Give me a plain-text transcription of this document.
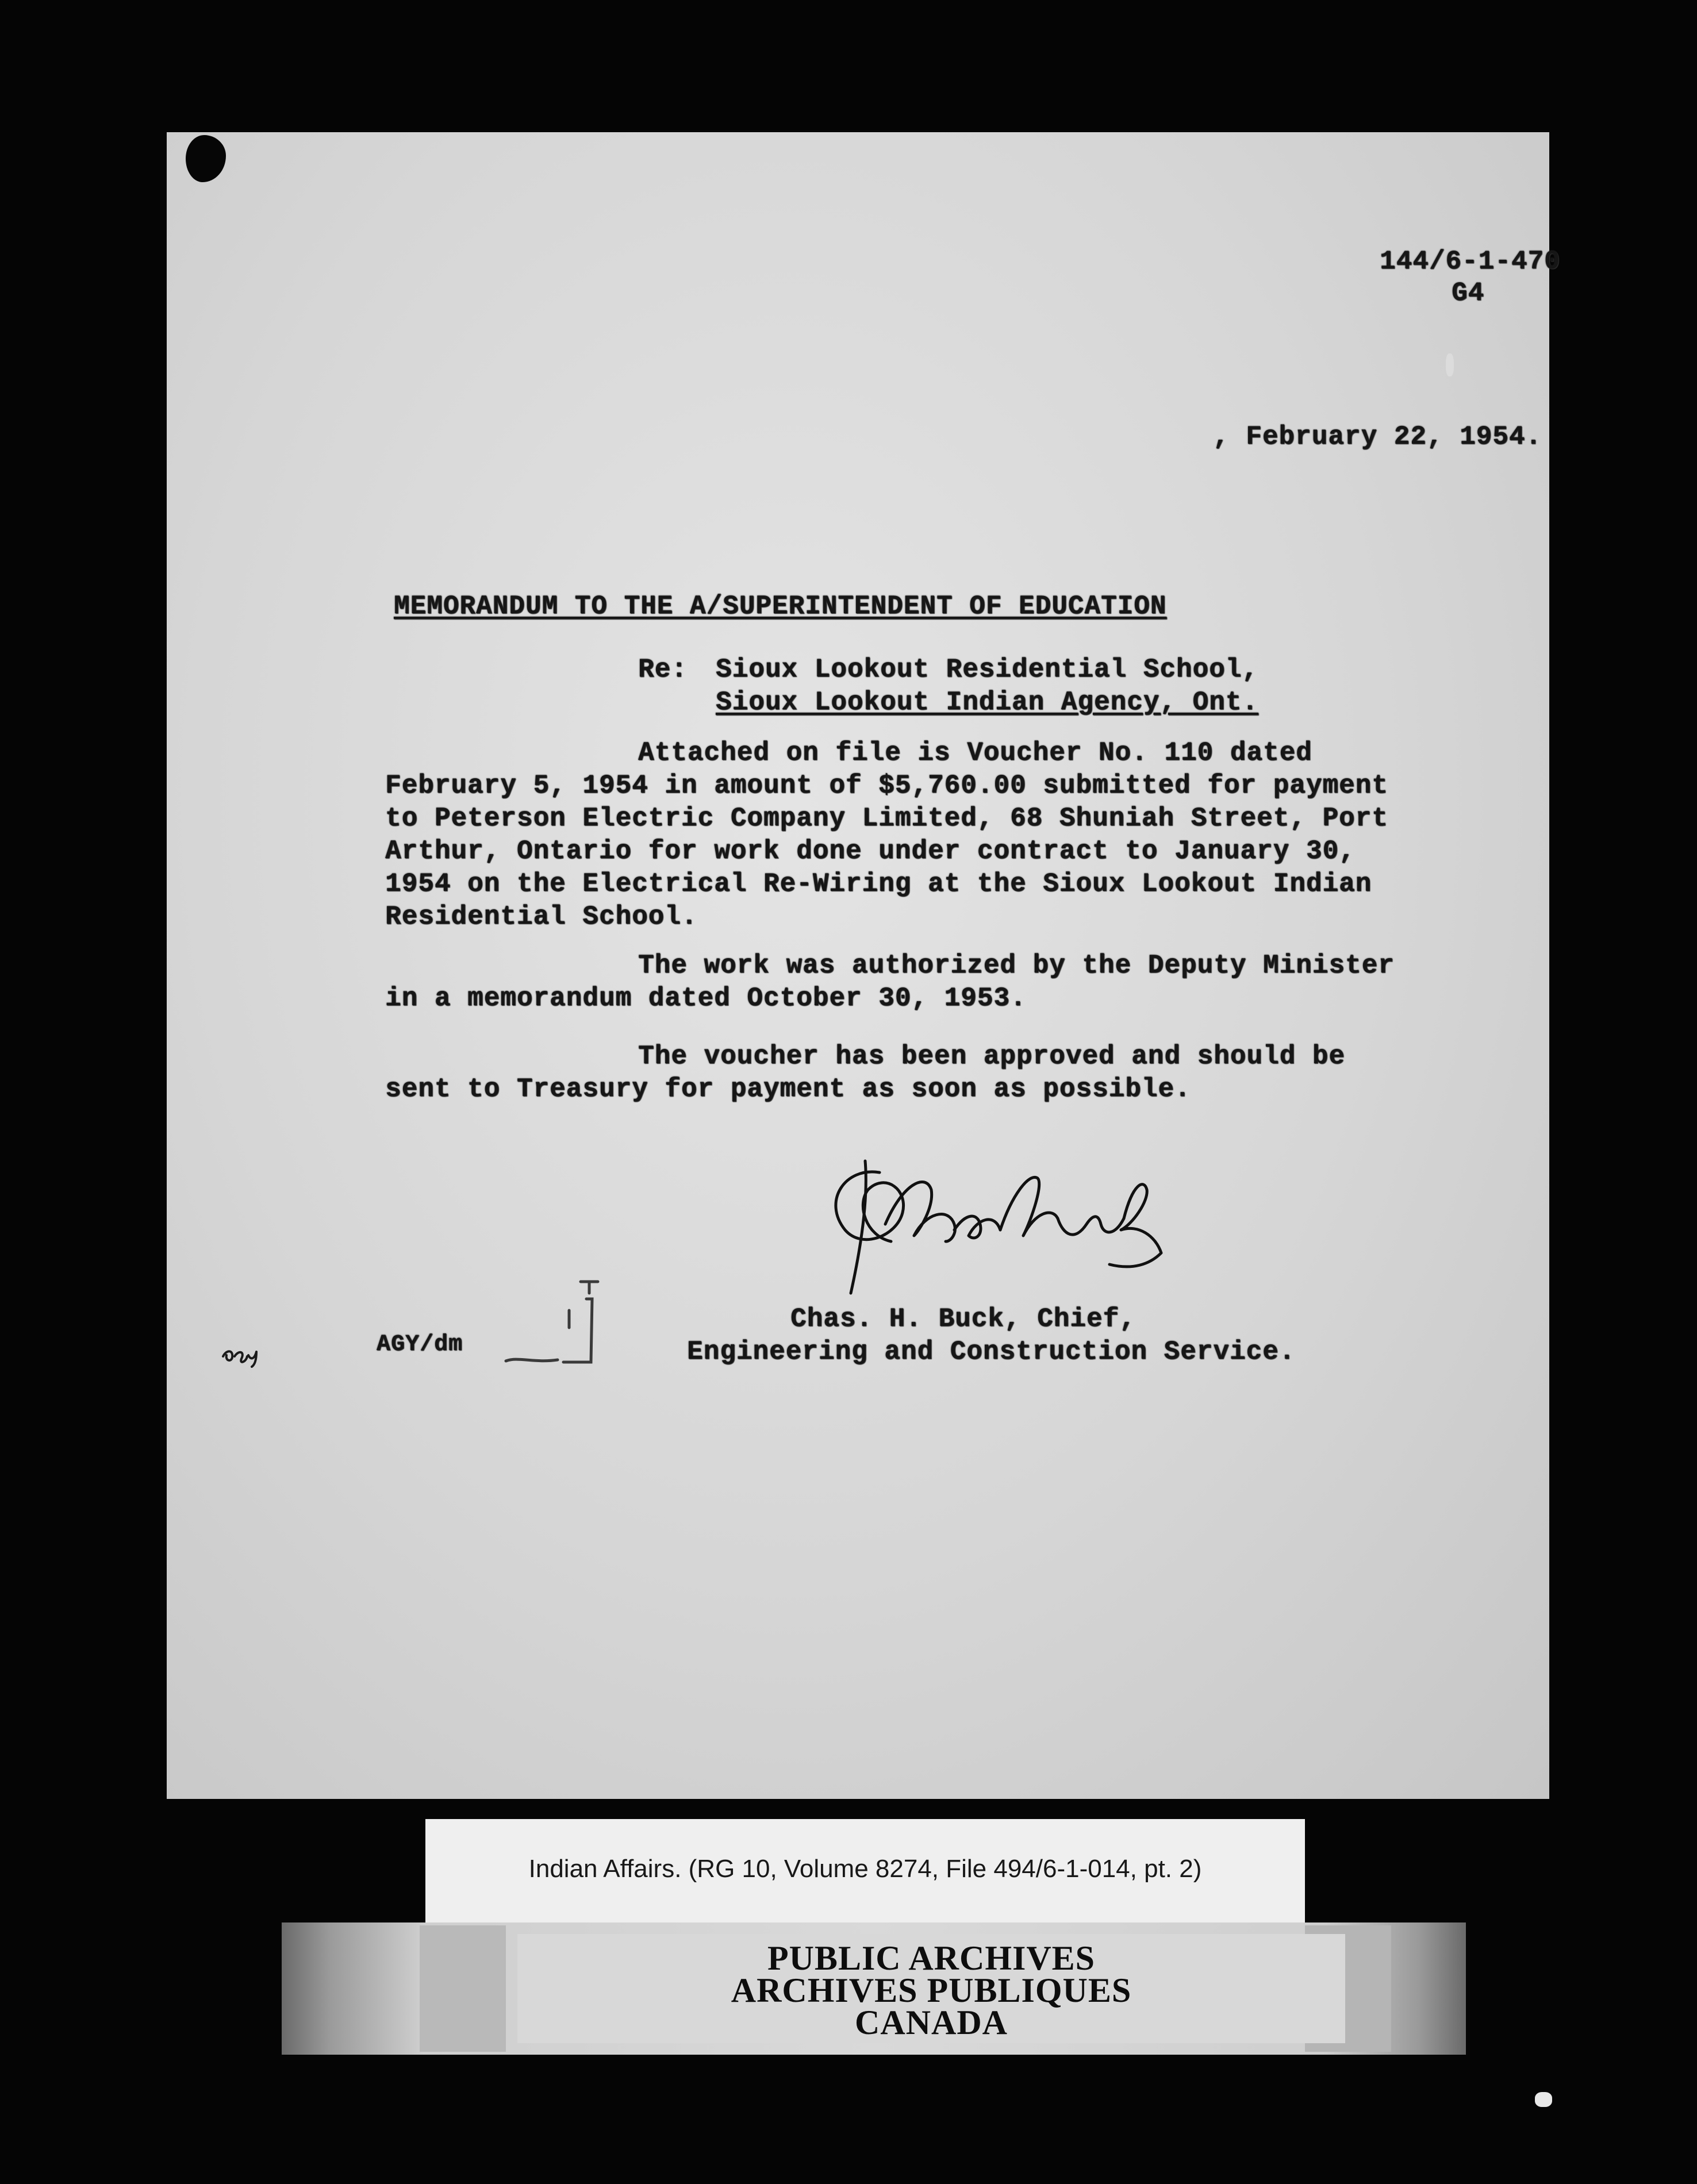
144/6-1-470
G4
, February 22, 1954.
MEMORANDUM TO THE A/SUPERINTENDENT OF EDUCATION
Re: Sioux Lookout Residential School,
Sioux Lookout Indian Agency, Ont.
Attached on file is Voucher No. 110 dated
February 5, 1954 in amount of $5,760.00 submitted for payment
to Peterson Electric Company Limited, 68 Shuniah Street, Port
Arthur, Ontario for work done under contract to January 30,
1954 on the Electrical Re-Wiring at the Sioux Lookout Indian
Residential School.
The work was authorized by the Deputy Minister
in a memorandum dated October 30, 1953.
The voucher has been approved and should be
sent to Treasury for payment as soon as possible.
Chas. H. Buck, Chief,
Engineering and Construction Service.
AGY/dm
Indian Affairs. (RG 10, Volume 8274, File 494/6-1-014, pt. 2)
PUBLIC ARCHIVES
ARCHIVES PUBLIQUES
CANADA
